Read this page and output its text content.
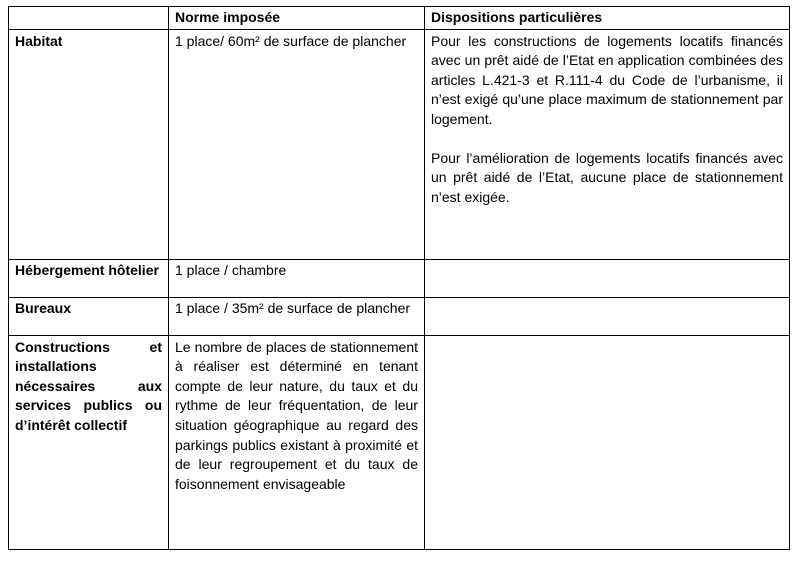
	Norme imposée	Dispositions particulières
Habitat	1 place/ 60m² de surface de plancher	Pour les constructions de logements locatifs financés avec un prêt aidé de l’Etat en application combinées des articles L.421-3 et R.111-4 du Code de l’urbanisme, il n’est exigé qu’une place maximum de stationnement par logement.

Pour l’amélioration de logements locatifs financés avec un prêt aidé de l’Etat, aucune place de stationnement n’est exigée.

Hébergement hôtelier	1 place / chambre	
Bureaux	1 place / 35m² de surface de plancher	
Constructions et installations nécessaires aux services publics ou d’intérêt collectif	Le nombre de places de stationnement à réaliser est déterminé en tenant compte de leur nature, du taux et du rythme de leur fréquentation, de leur situation géographique au regard des parkings publics existant à proximité et de leur regroupement et du taux de foisonnement envisageable	
